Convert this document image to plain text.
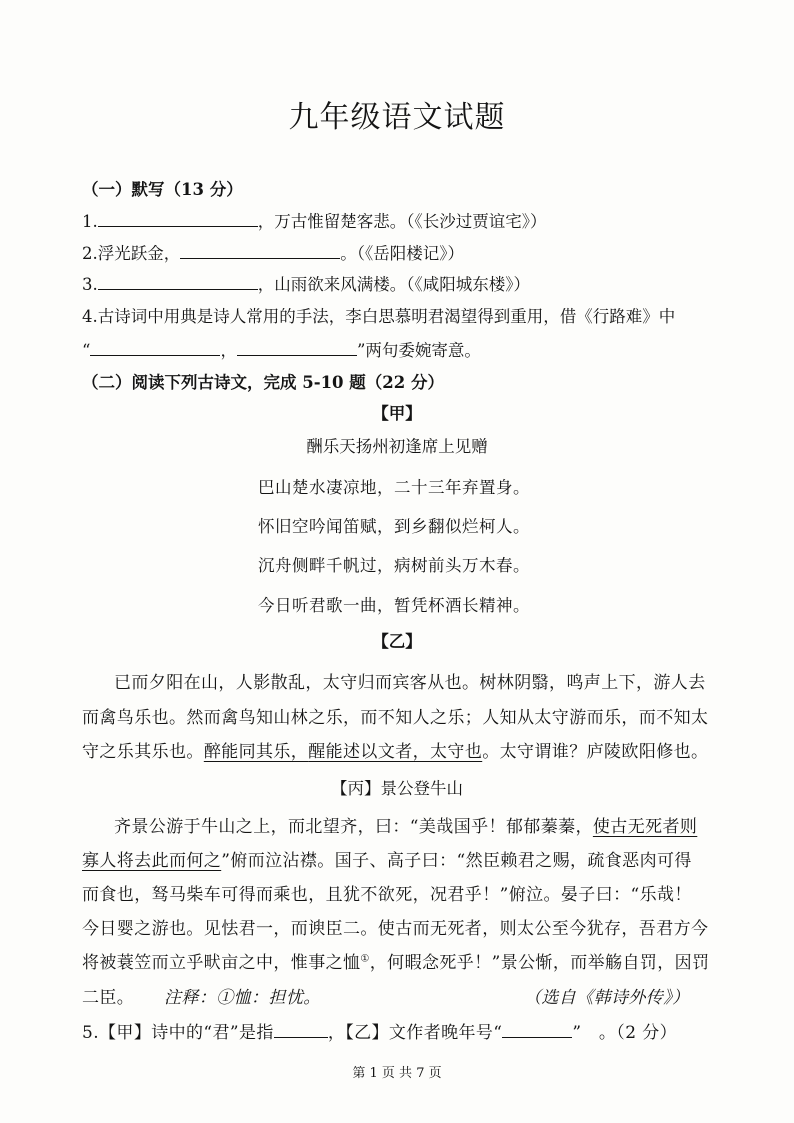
九年级语文试题
（一）默写（13 分）
1.	，万古惟留楚客悲。（《长沙过贾谊宅》）
2.浮光跃金，	。（《岳阳楼记》）
3.	，山雨欲来风满楼。（《咸阳城东楼》）
4.古诗词中用典是诗人常用的手法，李白思慕明君渴望得到重用，借《行路难》中
“	，	”两句委婉寄意。
（二）阅读下列古诗文，完成 5-10 题（22 分）
【甲】
酬乐天扬州初逢席上见赠
巴山楚水凄凉地，二十三年弃置身。
怀旧空吟闻笛赋，到乡翻似烂柯人。
沉舟侧畔千帆过，病树前头万木春。
今日听君歌一曲，暂凭杯酒长精神。
【乙】
已而夕阳在山，人影散乱，太守归而宾客从也。树林阴翳，鸣声上下，游人去
而禽鸟乐也。然而禽鸟知山林之乐，而不知人之乐；人知从太守游而乐，而不知太
守之乐其乐也。醉能同其乐，醒能述以文者，太守也。太守谓谁？庐陵欧阳修也。
【丙】景公登牛山
齐景公游于牛山之上，而北望齐，曰：“美哉国乎！郁郁蓁蓁，使古无死者则
寡人将去此而何之”俯而泣沾襟。国子、高子曰：“然臣赖君之赐，疏食恶肉可得
而食也，驽马柴车可得而乘也，且犹不欲死，况君乎！”俯泣。晏子曰：“乐哉！
今日婴之游也。见怯君一，而谀臣二。使古而无死者，则太公至今犹存，吾君方今
将被蓑笠而立乎畎亩之中，惟事之恤①，何暇念死乎！”景公惭，而举觞自罚，因罚
二臣。 注释：①恤：担忧。	（选自《韩诗外传》）
5.【甲】诗中的“君”是指	，【乙】文作者晚年号“	”　。（2 分）
第 1 页 共 7 页
